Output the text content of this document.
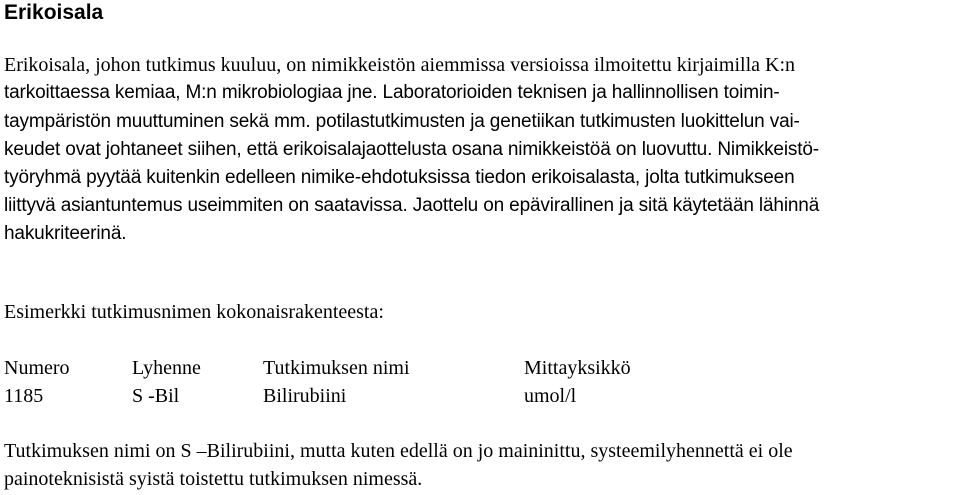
Erikoisala
Erikoisala, johon tutkimus kuuluu, on nimikkeistön aiemmissa versioissa ilmoitettu kirjaimilla K:n
tarkoittaessa kemiaa, M:n mikrobiologiaa jne. Laboratorioiden teknisen ja hallinnollisen toimin-
taympäristön muuttuminen sekä mm. potilastutkimusten ja genetiikan tutkimusten luokittelun vai-
keudet ovat johtaneet siihen, että erikoisalajaottelusta osana nimikkeistöä on luovuttu. Nimikkeistö-
työryhmä pyytää kuitenkin edelleen nimike-ehdotuksissa tiedon erikoisalasta, jolta tutkimukseen
liittyvä asiantuntemus useimmiten on saatavissa. Jaottelu on epävirallinen ja sitä käytetään lähinnä
hakukriteerinä.
Esimerkki tutkimusnimen kokonaisrakenteesta:
Numero	Lyhenne	Tutkimuksen nimi	Mittayksikkö
1185	S -Bil	Bilirubiini	umol/l
Tutkimuksen nimi on S –Bilirubiini, mutta kuten edellä on jo maininittu, systeemilyhennettä ei ole
painoteknisistä syistä toistettu tutkimuksen nimessä.
